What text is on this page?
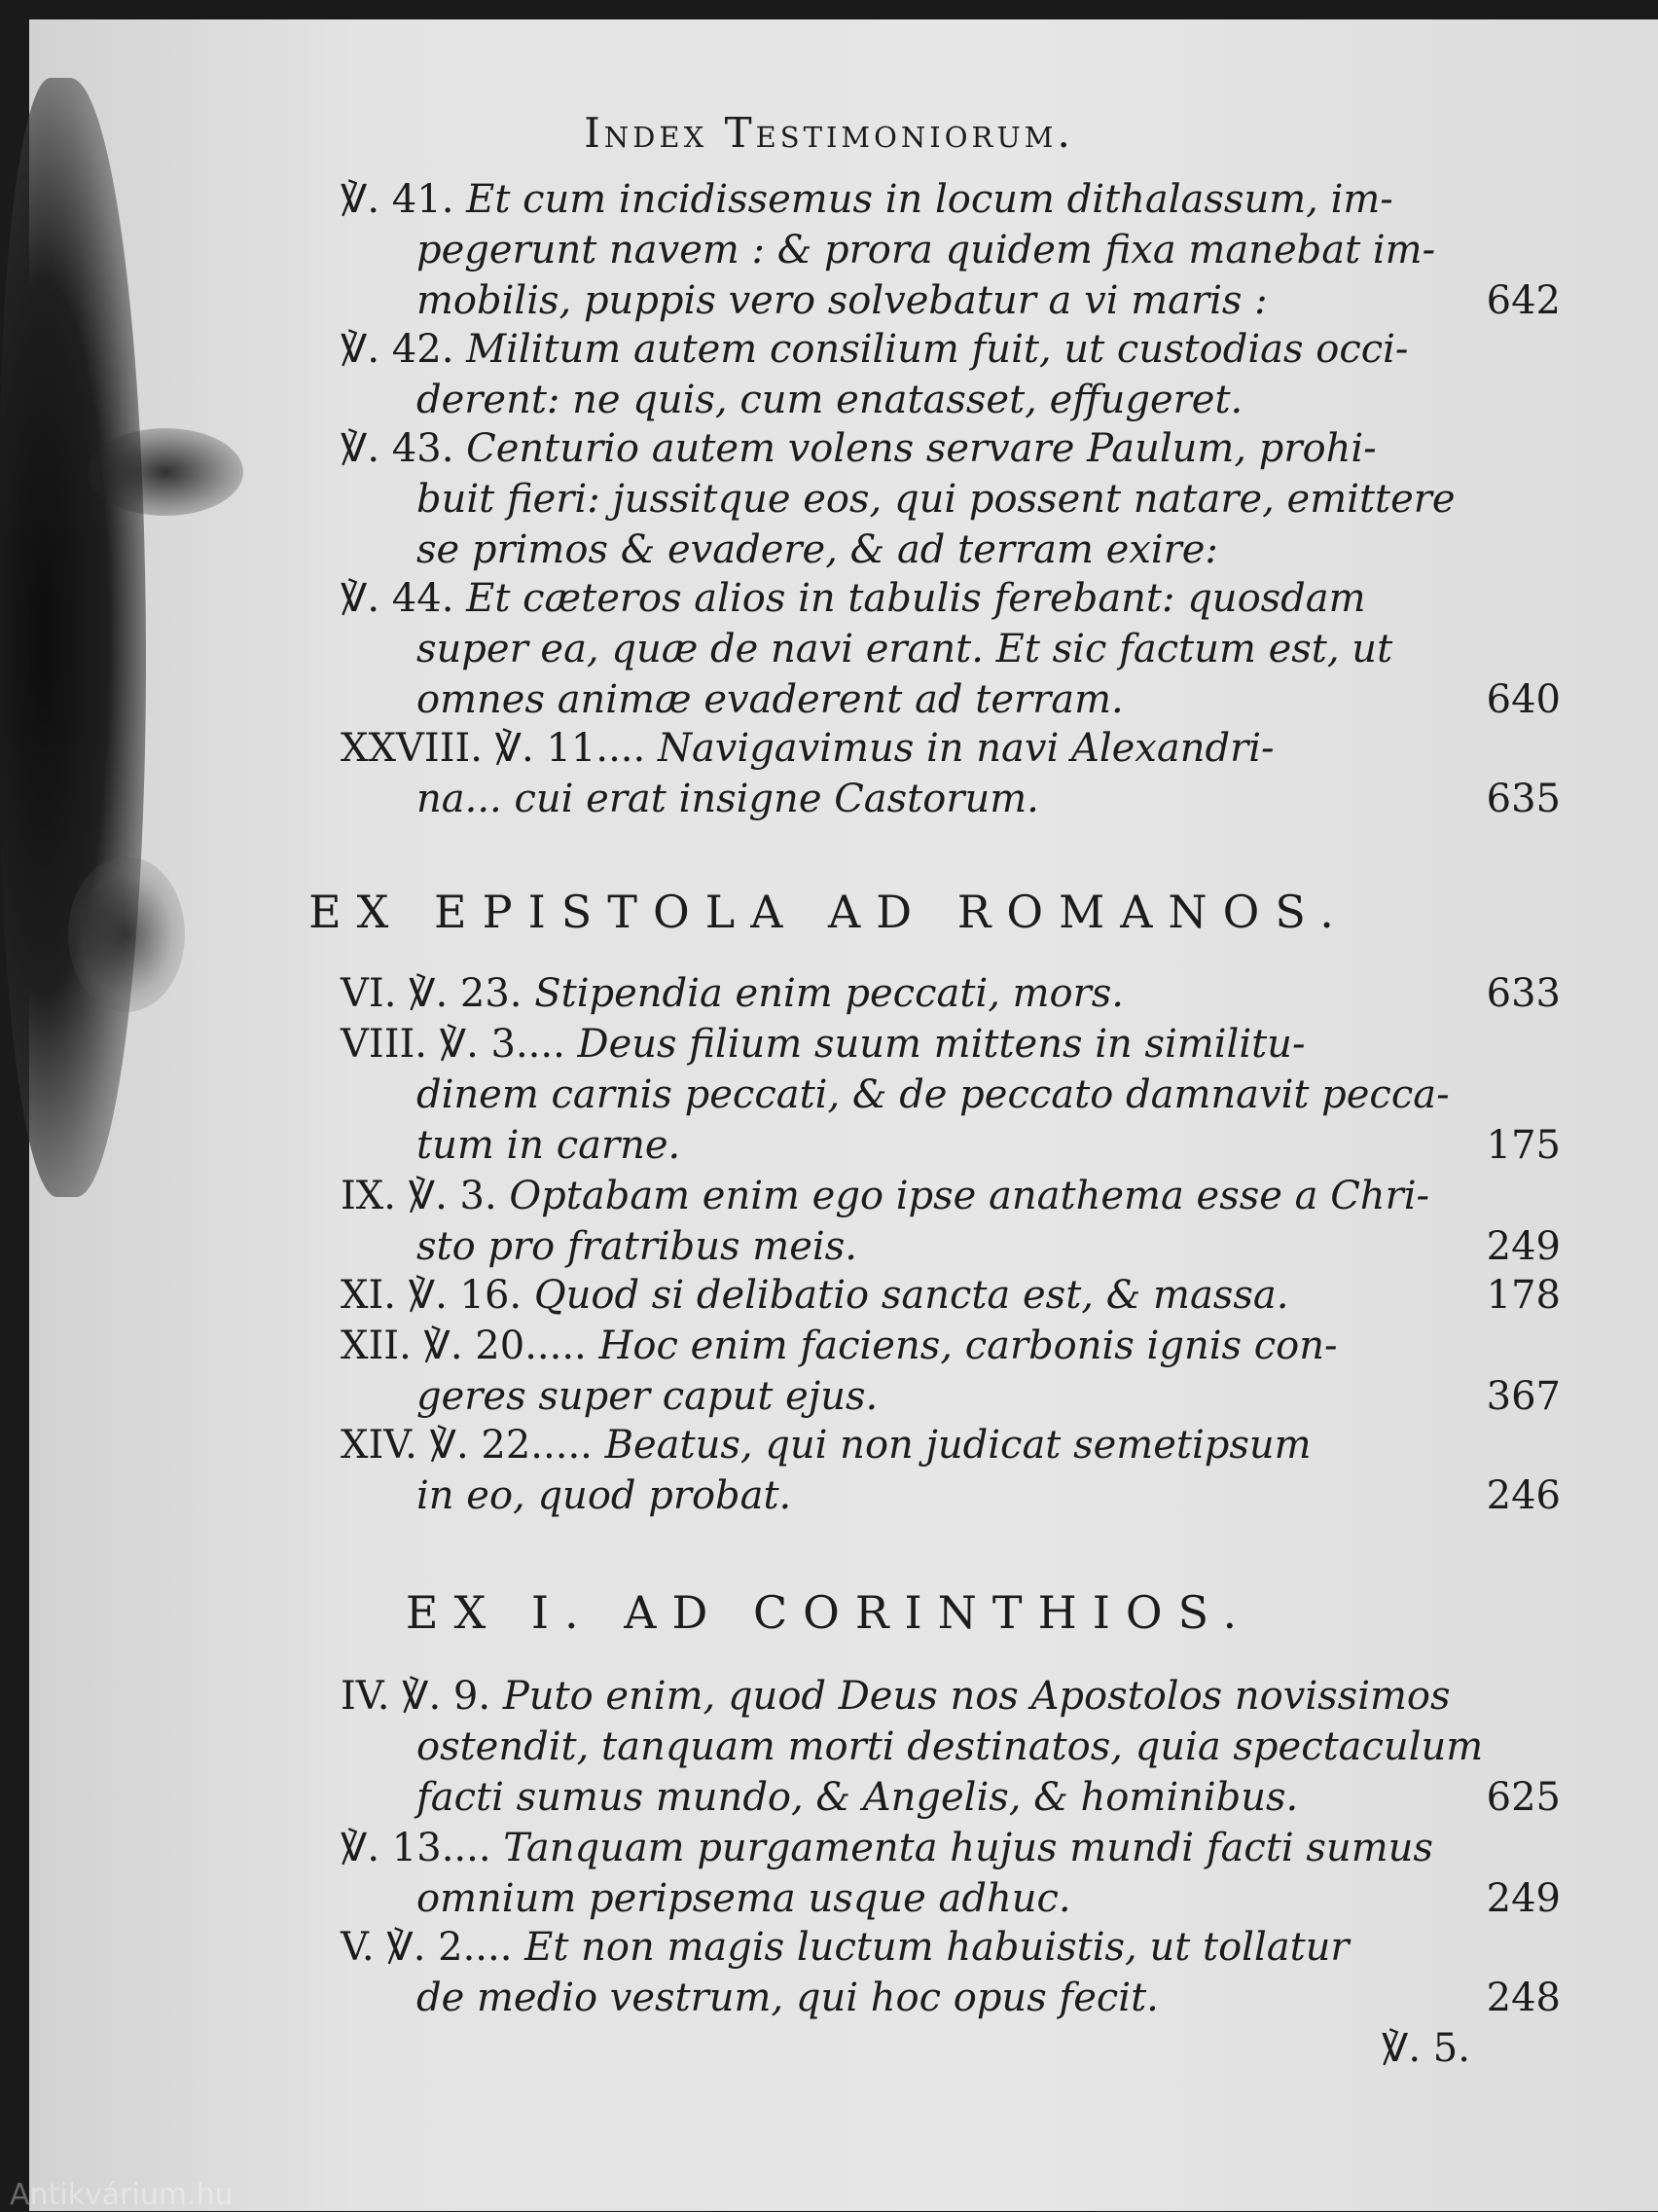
Index Testimoniorum.
℣. 41. Et cum incidissemus in locum dithalassum, im-
pegerunt navem : & prora quidem fixa manebat im-
mobilis, puppis vero solvebatur a vi maris :	642
℣. 42. Militum autem consilium fuit, ut custodias occi-
derent: ne quis, cum enatasset, effugeret.
℣. 43. Centurio autem volens servare Paulum, prohi-
buit fieri: jussitque eos, qui possent natare, emittere
se primos & evadere, & ad terram exire:
℣. 44. Et cæteros alios in tabulis ferebant: quosdam
super ea, quæ de navi erant. Et sic factum est, ut
omnes animæ evaderent ad terram.	640
XXVIII. ℣. 11.... Navigavimus in navi Alexandri-
na... cui erat insigne Castorum.	635
EX EPISTOLA AD ROMANOS.
VI. ℣. 23. Stipendia enim peccati, mors.	633
VIII. ℣. 3.... Deus filium suum mittens in similitu-
dinem carnis peccati, & de peccato damnavit pecca-
tum in carne.	175
IX. ℣. 3. Optabam enim ego ipse anathema esse a Chri-
sto pro fratribus meis.	249
XI. ℣. 16. Quod si delibatio sancta est, & massa.	178
XII. ℣. 20..... Hoc enim faciens, carbonis ignis con-
geres super caput ejus.	367
XIV. ℣. 22..... Beatus, qui non judicat semetipsum
in eo, quod probat.	246
EX I. AD CORINTHIOS.
IV. ℣. 9. Puto enim, quod Deus nos Apostolos novissimos
ostendit, tanquam morti destinatos, quia spectaculum
facti sumus mundo, & Angelis, & hominibus.	625
℣. 13.... Tanquam purgamenta hujus mundi facti sumus
omnium peripsema usque adhuc.	249
V. ℣. 2.... Et non magis luctum habuistis, ut tollatur
de medio vestrum, qui hoc opus fecit.	248
℣. 5.
Antikvárium.hu
